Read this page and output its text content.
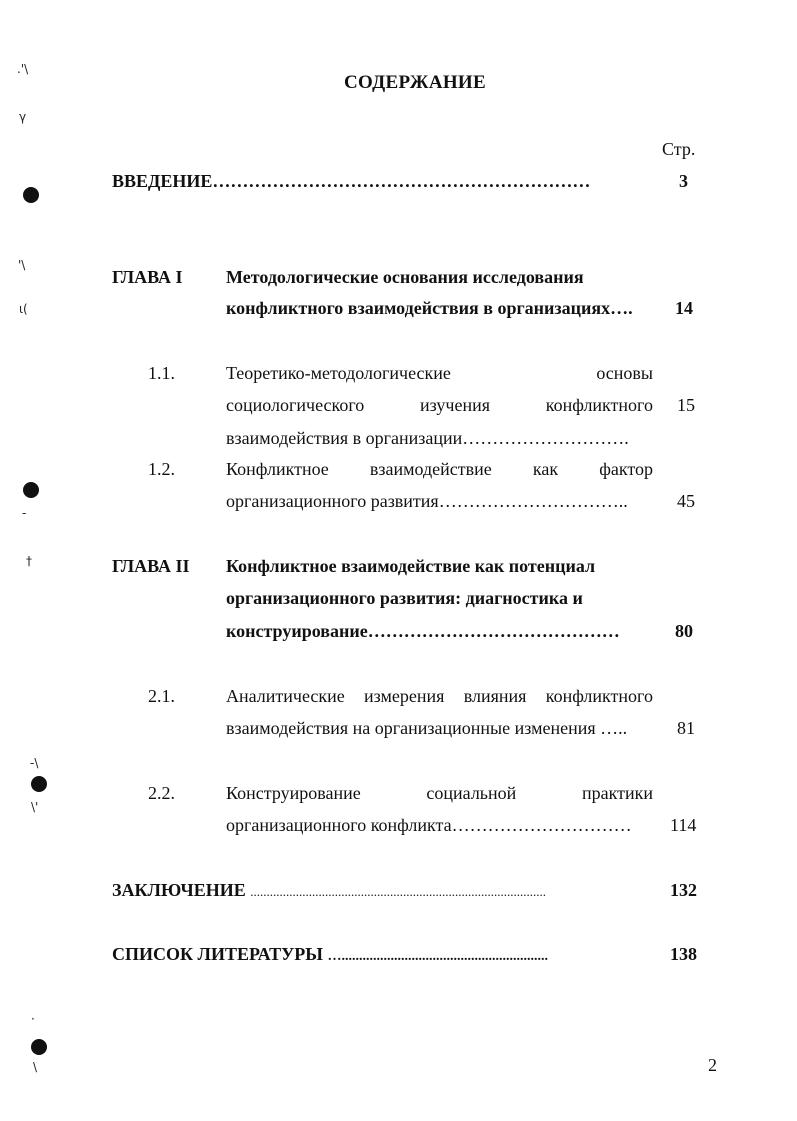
.'\
γ
'\
ɩ(
-
†
-\
\'
·
\
СОДЕРЖАНИЕ
Стр.
ВВЕДЕНИЕ………………………………………………………	3
ГЛАВА I Методологические основания исследования
конфликтного взаимодействия в организациях…. 14
1.1.	Теоретико-методологические основы
социологического изучения конфликтного
взаимодействия в организации……………………….
15
1.2.	Конфликтное взаимодействие как фактор
организационного развития…………………………..	45
ГЛАВА II Конфликтное взаимодействие как потенциал
организационного развития: диагностика и
конструирование……………………………………	80
2.1.	Аналитические измерения влияния конфликтного
взаимодействия на организационные изменения …..	81
2.2.	Конструирование социальной практики
организационного конфликта………………………… 114
ЗАКЛЮЧЕНИЕ ...........................................................................................	132
СПИСОК ЛИТЕРАТУРЫ …...........................................................	138
2
